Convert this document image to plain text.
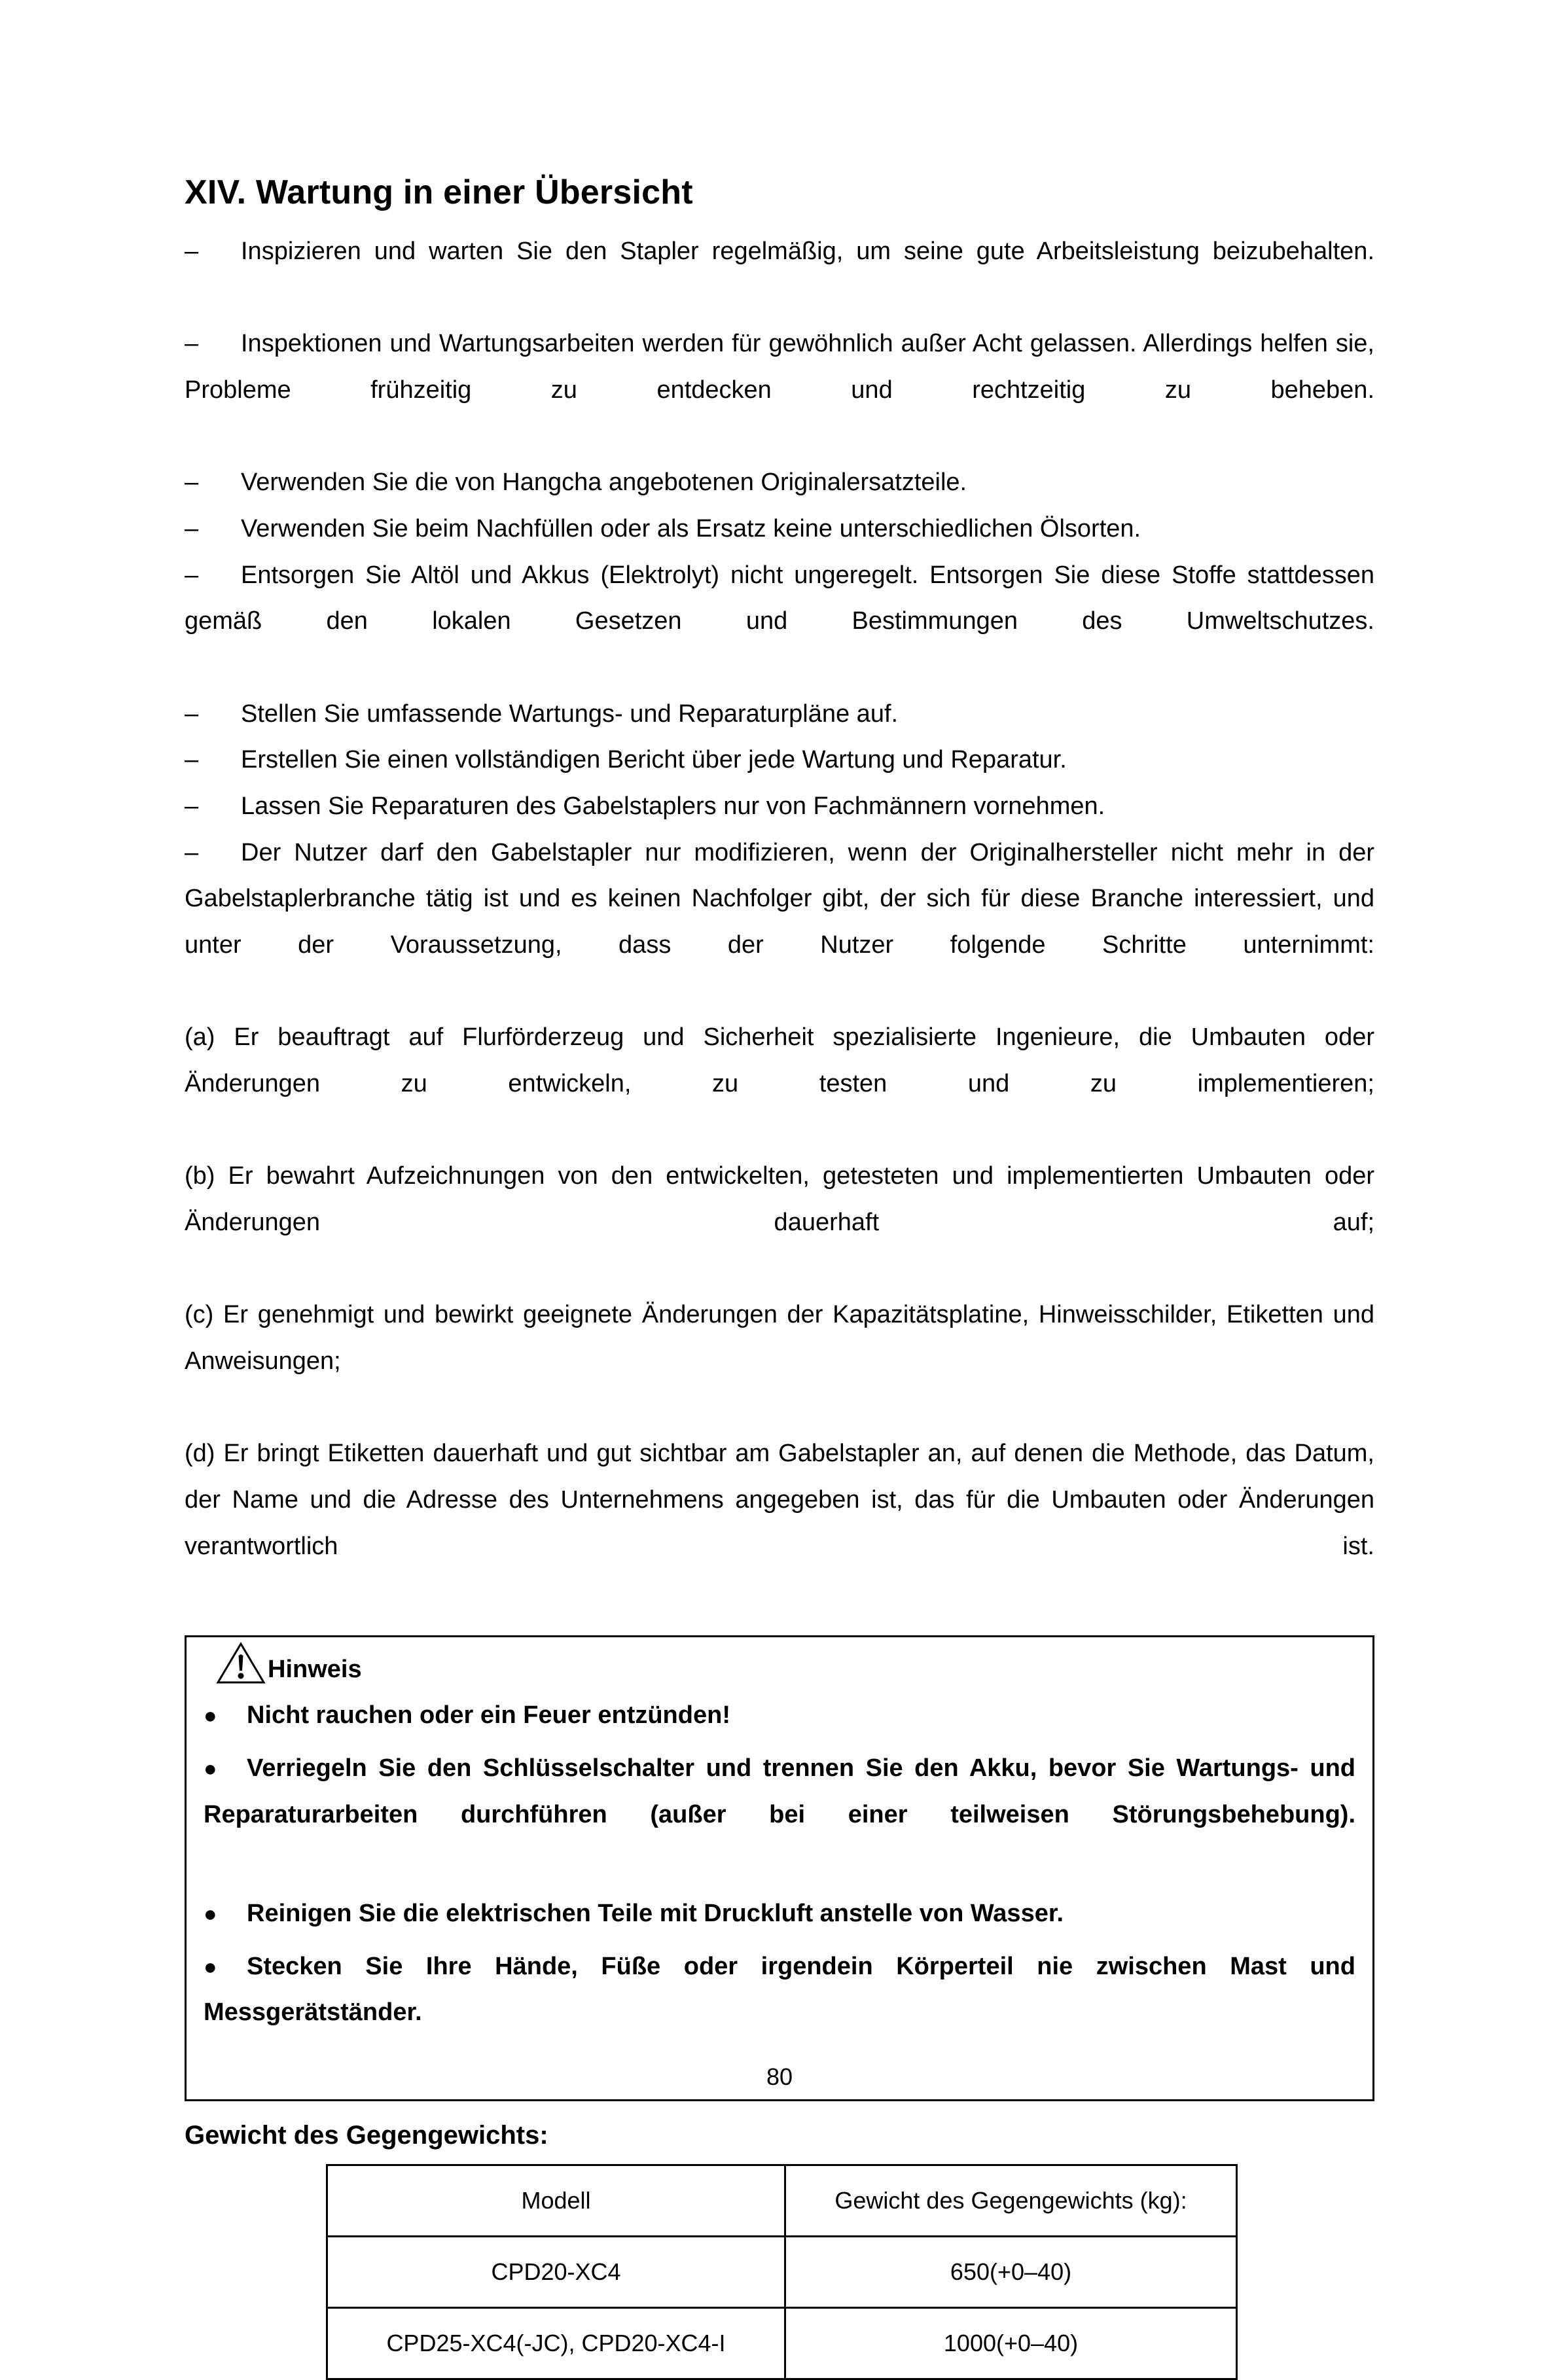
XIV. Wartung in einer Übersicht

– Inspizieren und warten Sie den Stapler regelmäßig, um seine gute Arbeitsleistung beizubehalten.

– Inspektionen und Wartungsarbeiten werden für gewöhnlich außer Acht gelassen. Allerdings helfen sie, Probleme frühzeitig zu entdecken und rechtzeitig zu beheben.

– Verwenden Sie die von Hangcha angebotenen Originalersatzteile.

– Verwenden Sie beim Nachfüllen oder als Ersatz keine unterschiedlichen Ölsorten.

– Entsorgen Sie Altöl und Akkus (Elektrolyt) nicht ungeregelt. Entsorgen Sie diese Stoffe stattdessen gemäß den lokalen Gesetzen und Bestimmungen des Umweltschutzes.

– Stellen Sie umfassende Wartungs- und Reparaturpläne auf.

– Erstellen Sie einen vollständigen Bericht über jede Wartung und Reparatur.

– Lassen Sie Reparaturen des Gabelstaplers nur von Fachmännern vornehmen.

– Der Nutzer darf den Gabelstapler nur modifizieren, wenn der Originalhersteller nicht mehr in der Gabelstaplerbranche tätig ist und es keinen Nachfolger gibt, der sich für diese Branche interessiert, und unter der Voraussetzung, dass der Nutzer folgende Schritte unternimmt:

(a) Er beauftragt auf Flurförderzeug und Sicherheit spezialisierte Ingenieure, die Umbauten oder Änderungen zu entwickeln, zu testen und zu implementieren;

(b) Er bewahrt Aufzeichnungen von den entwickelten, getesteten und implementierten Umbauten oder Änderungen dauerhaft auf;

(c) Er genehmigt und bewirkt geeignete Änderungen der Kapazitätsplatine, Hinweisschilder, Etiketten und Anweisungen;

(d) Er bringt Etiketten dauerhaft und gut sichtbar am Gabelstapler an, auf denen die Methode, das Datum, der Name und die Adresse des Unternehmens angegeben ist, das für die Umbauten oder Änderungen verantwortlich ist.

Hinweis

● Nicht rauchen oder ein Feuer entzünden!

● Verriegeln Sie den Schlüsselschalter und trennen Sie den Akku, bevor Sie Wartungs- und Reparaturarbeiten durchführen (außer bei einer teilweisen Störungsbehebung).

● Reinigen Sie die elektrischen Teile mit Druckluft anstelle von Wasser.

● Stecken Sie Ihre Hände, Füße oder irgendein Körperteil nie zwischen Mast und Messgerätständer.

Gewicht des Gegengewichts:
Modell	Gewicht des Gegengewichts (kg):
CPD20-XC4	650(+0–40)
CPD25-XC4(-JC), CPD20-XC4-I	1000(+0–40)
80
